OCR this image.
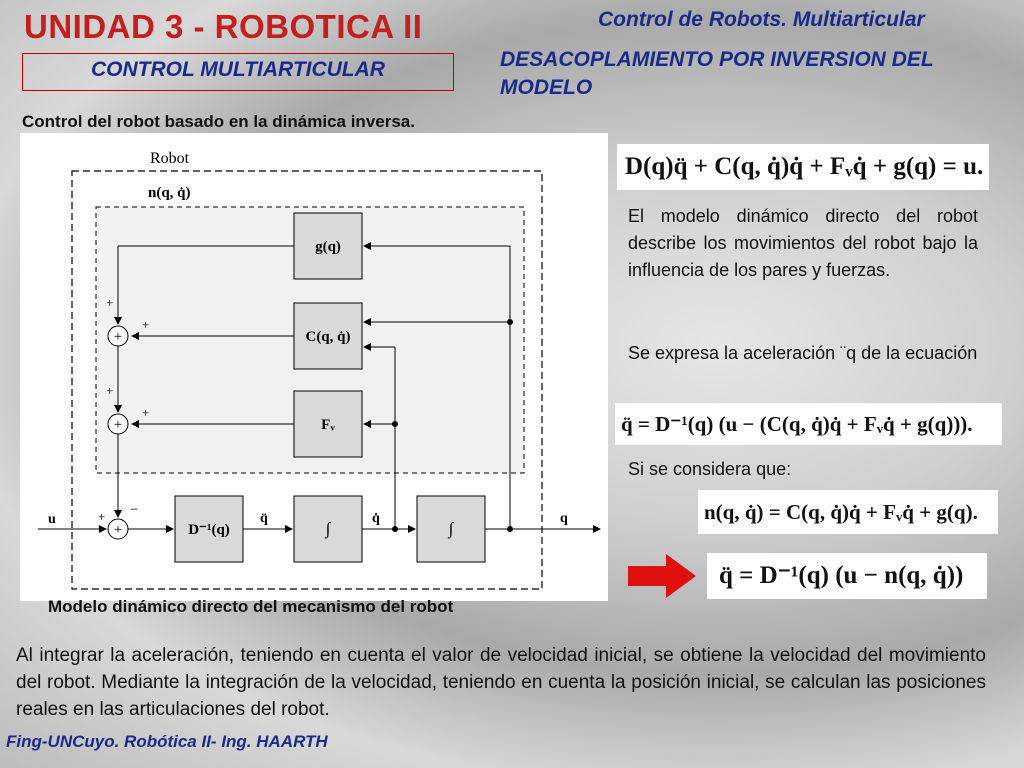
UNIDAD 3 - ROBOTICA II
CONTROL MULTIARTICULAR
Control de Robots. Multiarticular
DESACOPLAMIENTO POR INVERSION DEL MODELO
Control del robot basado en la dinámica inversa.
Robot
n(q, q̇)
g(q)
C(q, q̇)
Fᵥ
D⁻¹(q)	∫	∫
+
+
+
+
+
+
+
+ −
u	q̈	q̇	q
Modelo dinámico directo del mecanismo del robot
D(q)q̈ + C(q, q̇)q̇ + Fᵥq̇ + g(q) = u.
El modelo dinámico directo del robot describe los movimientos del robot bajo la influencia de los pares y fuerzas.
Se expresa la aceleración ¨q de la ecuación
q̈ = D⁻¹(q) (u − (C(q, q̇)q̇ + Fᵥq̇ + g(q))).
Si se considera que:
n(q, q̇) = C(q, q̇)q̇ + Fᵥq̇ + g(q).
q̈ = D⁻¹(q) (u − n(q, q̇))
Al integrar la aceleración, teniendo en cuenta el valor de velocidad inicial, se obtiene la velocidad del movimiento del robot. Mediante la integración de la velocidad, teniendo en cuenta la posición inicial, se calculan las posiciones reales en las articulaciones del robot.
Fing-UNCuyo. Robótica II- Ing. HAARTH
